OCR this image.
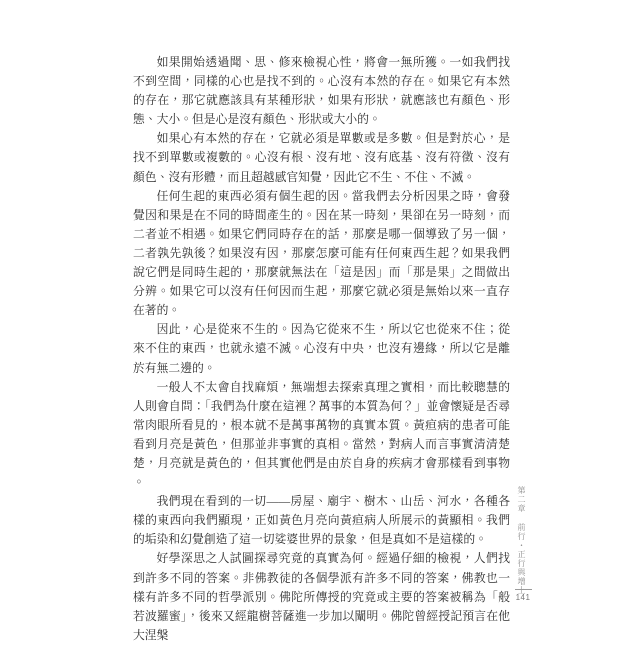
如果開始透過聞、思、修來檢視心性，將會一無所獲。一如我們找不到空間，同樣的心也是找不到的。心沒有本然的存在。如果它有本然的存在，那它就應該具有某種形狀，如果有形狀，就應該也有顏色、形態、大小。但是心是沒有顏色、形狀或大小的。

如果心有本然的存在，它就必須是單數或是多數。但是對於心，是找不到單數或複數的。心沒有根、沒有地、沒有底基、沒有符徵、沒有顏色、沒有形體，而且超越感官知覺，因此它不生、不住、不滅。

任何生起的東西必須有個生起的因。當我們去分析因果之時，會發覺因和果是在不同的時間產生的。因在某一時刻，果卻在另一時刻，而二者並不相遇。如果它們同時存在的話，那麼是哪一個導致了另一個，二者孰先孰後？如果沒有因，那麼怎麼可能有任何東西生起？如果我們說它們是同時生起的，那麼就無法在「這是因」而「那是果」之間做出分辨。如果它可以沒有任何因而生起，那麼它就必須是無始以來一直存在著的。

因此，心是從來不生的。因為它從來不生，所以它也從來不住；從來不住的東西，也就永遠不滅。心沒有中央，也沒有邊緣，所以它是離於有無二邊的。

一般人不太會自找麻煩，無端想去探索真理之實相，而比較聰慧的人則會自問：「我們為什麼在這裡？萬事的本質為何？」並會懷疑是否尋常肉眼所看見的，根本就不是萬事萬物的真實本質。黃疸病的患者可能看到月亮是黃色，但那並非事實的真相。當然，對病人而言事實清清楚楚，月亮就是黃色的，但其實他們是由於自身的疾病才會那樣看到事物。

我們現在看到的一切——房屋、廟宇、樹木、山岳、河水，各種各樣的東西向我們顯現，正如黃色月亮向黃疸病人所展示的黃顯相。我們的垢染和幻覺創造了這一切娑婆世界的景象，但是真如不是這樣的。

好學深思之人試圖探尋究竟的真實為何。經過仔細的檢視，人們找到許多不同的答案。非佛教徒的各個學派有許多不同的答案，佛教也一樣有許多不同的哲學派別。佛陀所傳授的究竟或主要的答案被稱為「般若波羅蜜」，後來又經龍樹菩薩進一步加以闡明。佛陀曾經授記預言在他大涅槃

第二章前行・正行與增上
141
